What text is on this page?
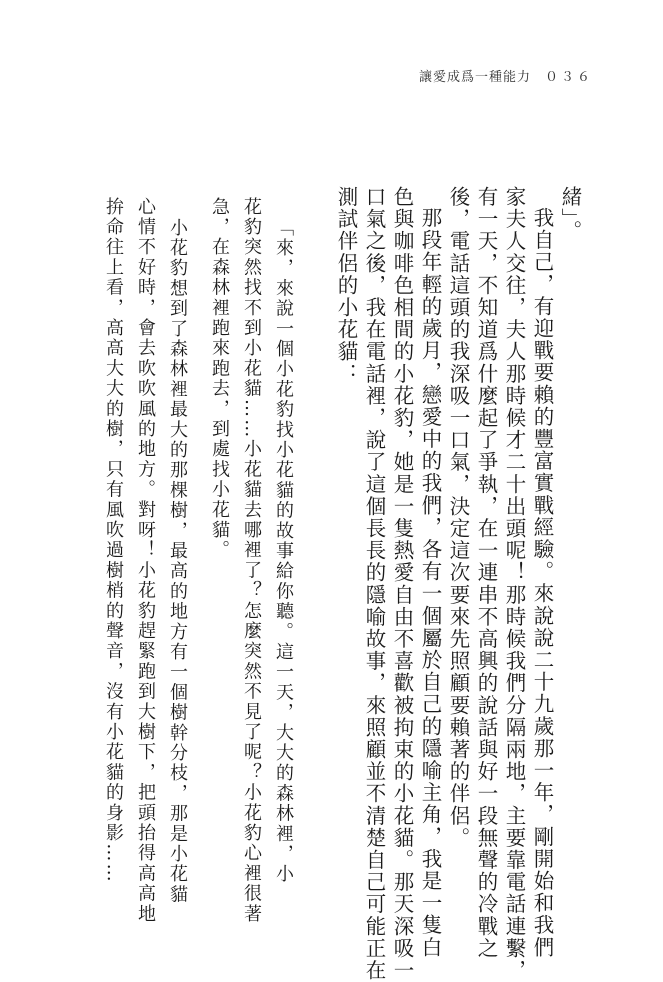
讓愛成爲一種能力 ０３６
緒」。
我自己，有迎戰要賴的豐富實戰經驗。來說說二十九歲那一年，剛開始和我們
家夫人交往，夫人那時候才二十出頭呢！那時候我們分隔兩地，主要靠電話連繫，
有一天，不知道爲什麼起了爭執，在一連串不高興的說話與好一段無聲的冷戰之
後，電話這頭的我深吸一口氣，決定這次要來先照顧要賴著的伴侶。
那段年輕的歲月，戀愛中的我們，各有一個屬於自己的隱喻主角，我是一隻白
色與咖啡色相間的小花豹，她是一隻熱愛自由不喜歡被拘束的小花貓。那天深吸一
口氣之後，我在電話裡，說了這個長長的隱喻故事，來照顧並不清楚自己可能正在
測試伴侶的小花貓：
「來，來說一個小花豹找小花貓的故事給你聽。這一天，大大的森林裡，小
花豹突然找不到小花貓……小花貓去哪裡了？怎麼突然不見了呢？小花豹心裡很著
急，在森林裡跑來跑去，到處找小花貓。
小花豹想到了森林裡最大的那棵樹，最高的地方有一個樹幹分枝，那是小花貓
心情不好時，會去吹吹風的地方。對呀！小花豹趕緊跑到大樹下，把頭抬得高高地
拚命往上看，高高大大的樹，只有風吹過樹梢的聲音，沒有小花貓的身影……
